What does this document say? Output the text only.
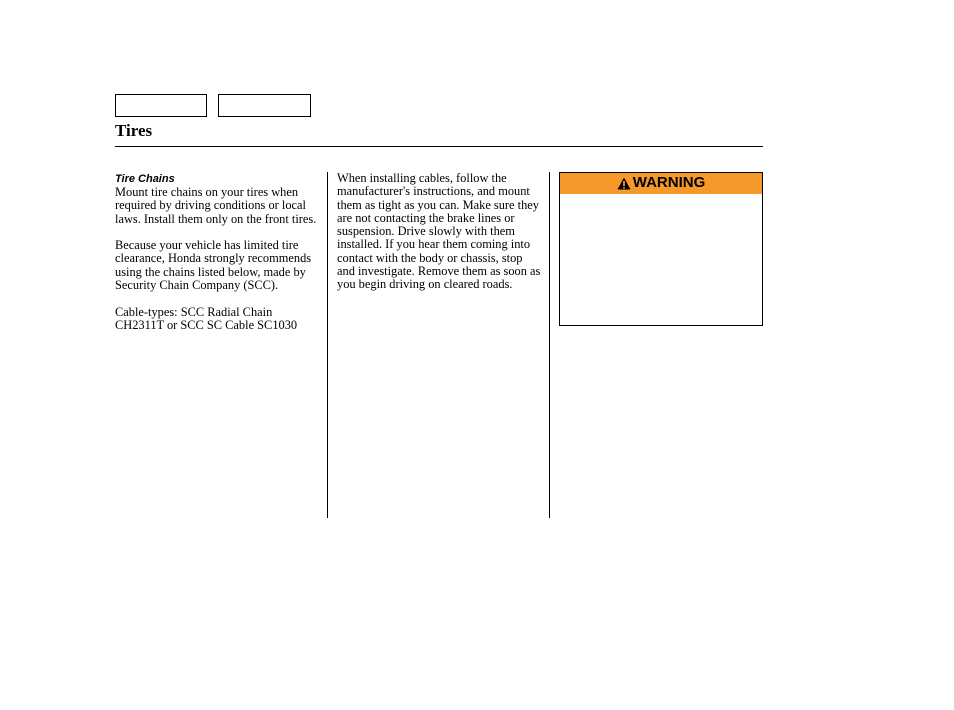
Tires
Tire Chains

Mount tire chains on your tires when required by driving conditions or local laws. Install them only on the front tires.

Because your vehicle has limited tire clearance, Honda strongly recommends using the chains listed below, made by Security Chain Company (SCC).

Cable-types: SCC Radial Chain CH2311T or SCC SC Cable SC1030

When installing cables, follow the manufacturer's instructions, and mount them as tight as you can. Make sure they are not contacting the brake lines or suspension. Drive slowly with them installed. If you hear them coming into contact with the body or chassis, stop and investigate. Remove them as soon as you begin driving on cleared roads.

WARNING
